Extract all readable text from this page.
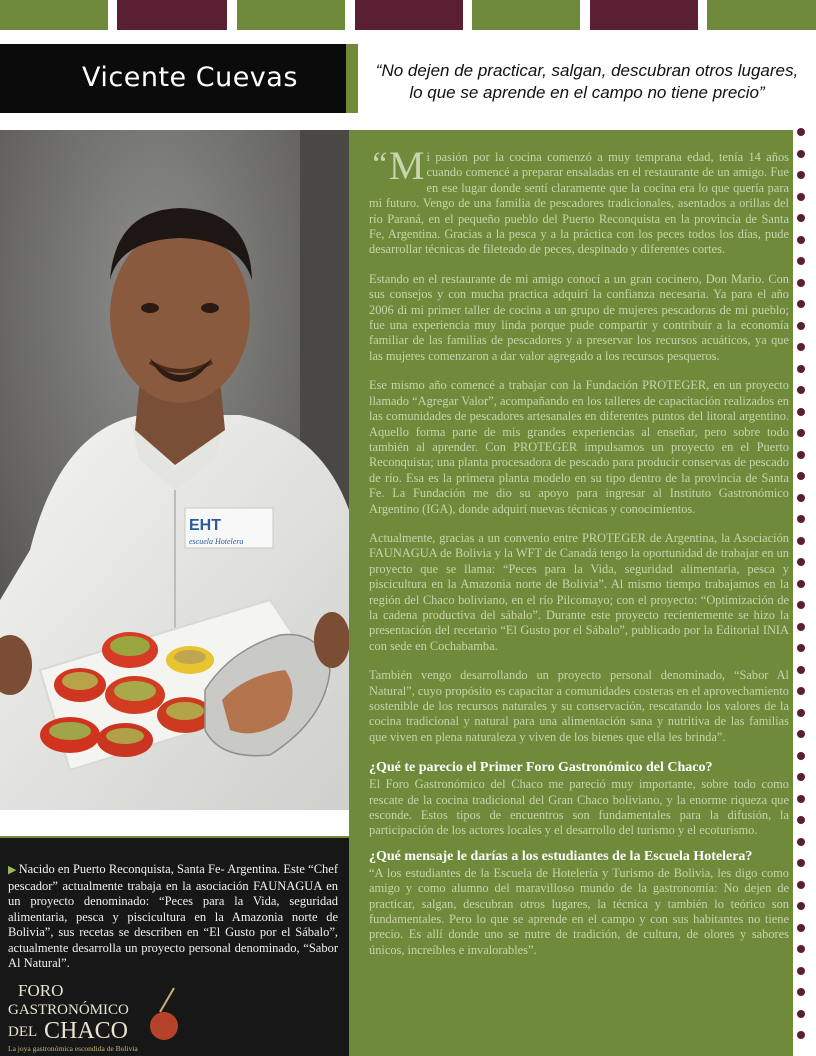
Vicente Cuevas	“No dejen de practicar, salgan, descubran otros lugares,
lo que se aprende en el campo no tiene precio”
EHT
escuela Hotelera
▶ Nacido en Puerto Reconquista, Santa Fe- Argentina. Este “Chef pescador” actualmente trabaja en la asociación FAUNAGUA en un proyecto denominado: “Peces para la Vida, seguridad alimentaria, pesca y piscicultura en la Amazonia norte de Bolivia”, sus recetas se describen en “El Gusto por el Sábalo”, actualmente desarrolla un proyecto personal denominado, “Sabor Al Natural”.
FORO
GASTRONÓMICO
DEL CHACO
La joya gastronómica escondida de Bolivia

“ M i pasión por la cocina comenzó a muy temprana edad, tenía 14 años cuando comencé a preparar ensaladas en el restaurante de un amigo. Fue en ese lugar donde sentí claramente que la cocina era lo que quería para mi futuro. Vengo de una familia de pescadores tradicionales, asentados a orillas del río Paraná, en el pequeño pueblo del Puerto Reconquista en la provincia de Santa Fe, Argentina. Gracias a la pesca y a la práctica con los peces todos los días, pude desarrollar técnicas de fileteado de peces, despinado y diferentes cortes.

Estando en el restaurante de mi amigo conocí a un gran cocinero, Don Mario. Con sus consejos y con mucha practica adquirí la confianza necesaria. Ya para el año 2006 di mi primer taller de cocina a un grupo de mujeres pescadoras de mi pueblo; fue una experiencia muy linda porque pude compartir y contribuir a la economía familiar de las familias de pescadores y a preservar los recursos acuáticos, ya que las mujeres comenzaron a dar valor agregado a los recursos pesqueros.

Ese mismo año comencé a trabajar con la Fundación PROTEGER, en un proyecto llamado “Agregar Valor”, acompañando en los talleres de capacitación realizados en las comunidades de pescadores artesanales en diferentes puntos del litoral argentino. Aquello forma parte de mis grandes experiencias al enseñar, pero sobre todo también al aprender. Con PROTEGER impulsamos un proyecto en el Puerto Reconquista; una planta procesadora de pescado para producir conservas de pescado de río. Esa es la primera planta modelo en su tipo dentro de la provincia de Santa Fe. La Fundación me dio su apoyo para ingresar al Instituto Gastronómico Argentino (IGA), donde adquirí nuevas técnicas y conocimientos.

Actualmente, gracias a un convenio entre PROTEGER de Argentina, la Asociación FAUNAGUA de Bolivia y la WFT de Canadá tengo la oportunidad de trabajar en un proyecto que se llama: “Peces para la Vida, seguridad alimentaria, pesca y piscicultura en la Amazonia norte de Bolivia”. Al mismo tiempo trabajamos en la región del Chaco boliviano, en el río Pilcomayo; con el proyecto: “Optimización de la cadena productiva del sábalo”. Durante este proyecto recientemente se hizo la presentación del recetario “El Gusto por el Sábalo”, publicado por la Editorial INIA con sede en Cochabamba.

También vengo desarrollando un proyecto personal denominado, “Sabor Al Natural”, cuyo propósito es capacitar a comunidades costeras en el aprovechamiento sostenible de los recursos naturales y su conservación, rescatando los valores de la cocina tradicional y natural para una alimentación sana y nutritiva de las familias que viven en plena naturaleza y viven de los bienes que ella les brinda”.

¿Qué te parecio el Primer Foro Gastronómico del Chaco?

El Foro Gastronómico del Chaco me pareció muy importante, sobre todo como rescate de la cocina tradicional del Gran Chaco boliviano, y la enorme riqueza que esconde. Estos tipos de encuentros son fundamentales para la difusión, la participación de los actores locales y el desarrollo del turismo y el ecoturismo.

¿Qué mensaje le darías a los estudiantes de la Escuela Hotelera?

“A los estudiantes de la Escuela de Hotelería y Turismo de Bolivia, les digo como amigo y como alumno del maravilloso mundo de la gastronomía: No dejen de practicar, salgan, descubran otros lugares, la técnica y también lo teórico son fundamentales. Pero lo que se aprende en el campo y con sus habitantes no tiene precio. Es allí donde uno se nutre de tradición, de cultura, de olores y sabores únicos, increíbles e invalorables”.
